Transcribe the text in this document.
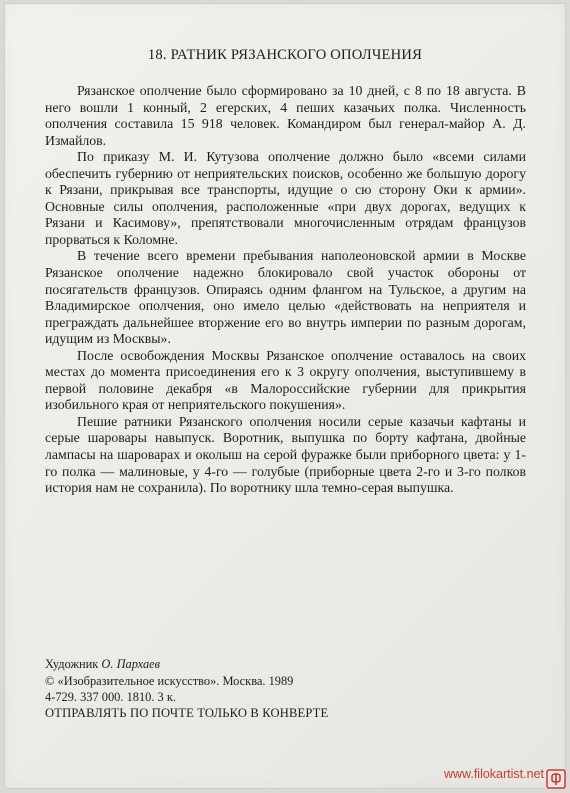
18. РАТНИК РЯЗАНСКОГО ОПОЛЧЕНИЯ

Рязанское ополчение было сформировано за 10 дней, с 8 по 18 августа. В него вошли 1 конный, 2 егерских, 4 пеших казачьих полка. Численность ополчения составила 15 918 человек. Командиром был генерал-майор А. Д. Измайлов.

По приказу М. И. Кутузова ополчение должно было «всеми силами обеспечить губернию от неприятельских поисков, особенно же большую дорогу к Рязани, прикрывая все транспорты, идущие о сю сторону Оки к армии». Основные силы ополчения, расположенные «при двух дорогах, ведущих к Рязани и Касимову», препятствовали многочисленным отрядам французов прорваться к Коломне.

В течение всего времени пребывания наполеоновской армии в Москве Рязанское ополчение надежно блокировало свой участок обороны от посягательств французов. Опираясь одним флангом на Тульское, а другим на Владимирское ополчения, оно имело целью «действовать на неприятеля и преграждать дальнейшее вторжение его во внутрь империи по разным дорогам, идущим из Москвы».

После освобождения Москвы Рязанское ополчение оставалось на своих местах до момента присоединения его к 3 округу ополчения, выступившему в первой половине декабря «в Малороссийские губернии для прикрытия изобильного края от неприятельского покушения».

Пешие ратники Рязанского ополчения носили серые казачьи кафтаны и серые шаровары навыпуск. Воротник, выпушка по борту кафтана, двойные лампасы на шароварах и околыш на серой фуражке были приборного цвета: у 1-го полка — малиновые, у 4-го — голубые (приборные цвета 2-го и 3-го полков история нам не сохранила). По воротнику шла темно-серая выпушка.

Художник О. Пархаев
© «Изобразительное искусство». Москва. 1989
4-729. 337 000. 1810. 3 к.
ОТПРАВЛЯТЬ ПО ПОЧТЕ ТОЛЬКО В КОНВЕРТЕ
www.filokartist.net
